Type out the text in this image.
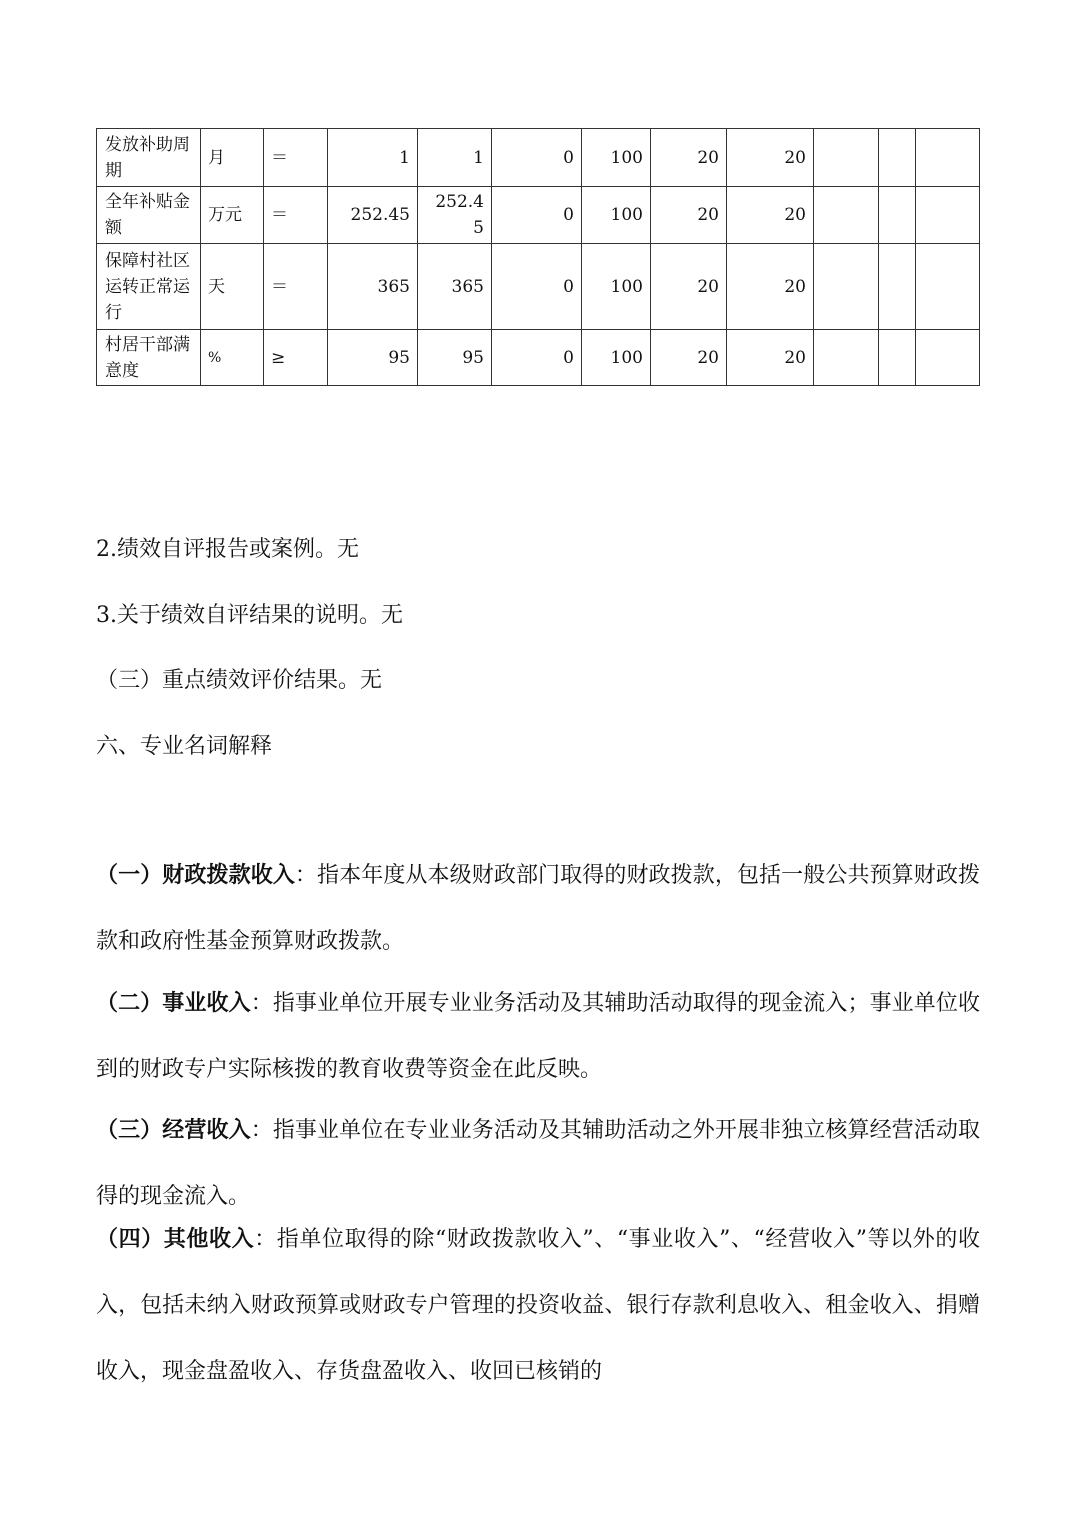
发放补助周期	月	＝	1	1	0	100	20	20			
全年补贴金额	万元	＝	252.45	252.45	0	100	20	20			
保障村社区运转正常运行	天	＝	365	365	0	100	20	20			
村居干部满意度	%	≥	95	95	0	100	20	20			

2.绩效自评报告或案例。无

3.关于绩效自评结果的说明。无

（三）重点绩效评价结果。无

六、专业名词解释

（一）财政拨款收入：指本年度从本级财政部门取得的财政拨款，包括一般公共预算财政拨款和政府性基金预算财政拨款。

（二）事业收入：指事业单位开展专业业务活动及其辅助活动取得的现金流入；事业单位收到的财政专户实际核拨的教育收费等资金在此反映。

（三）经营收入：指事业单位在专业业务活动及其辅助活动之外开展非独立核算经营活动取得的现金流入。

（四）其他收入：指单位取得的除“财政拨款收入”、“事业收入”、“经营收入”等以外的收入，包括未纳入财政预算或财政专户管理的投资收益、银行存款利息收入、租金收入、捐赠收入，现金盘盈收入、存货盘盈收入、收回已核销的
